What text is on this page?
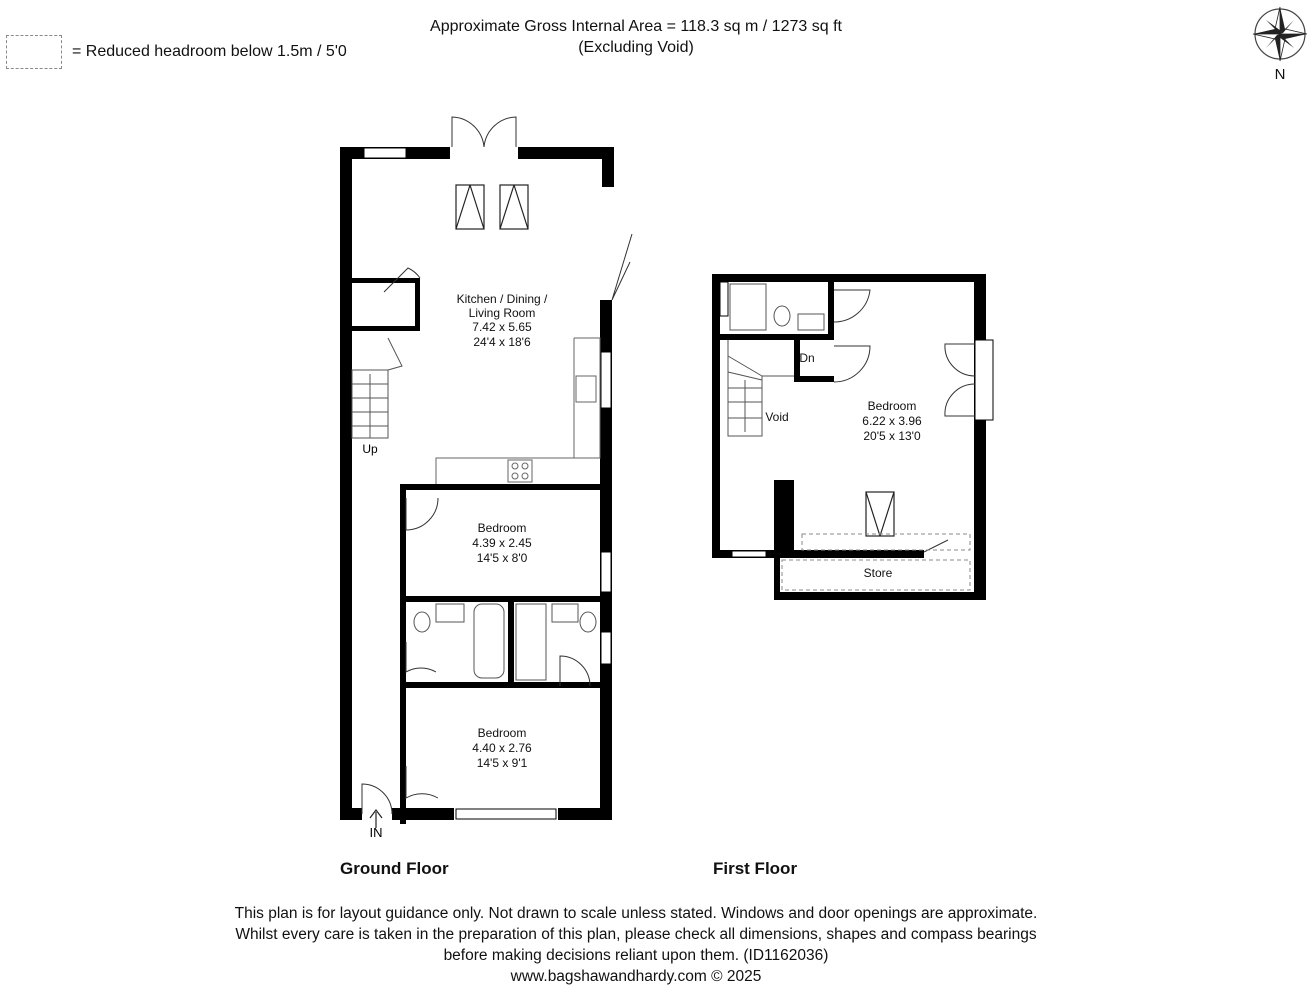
= Reduced headroom below 1.5m / 5'0
Approximate Gross Internal Area = 118.3 sq m / 1273 sq ft
(Excluding Void)
N
Kitchen / Dining /
Living Room
7.42 x 5.65
24'4 x 18'6
Bedroom
4.39 x 2.45
14'5 x 8'0
Bedroom
4.40 x 2.76
14'5 x 9'1
Up
IN
Bedroom
6.22 x 3.96
20'5 x 13'0
Store
Void
Dn
Ground Floor	First Floor
This plan is for layout guidance only. Not drawn to scale unless stated. Windows and door openings are approximate.
Whilst every care is taken in the preparation of this plan, please check all dimensions, shapes and compass bearings
before making decisions reliant upon them. (ID1162036)
www.bagshawandhardy.com © 2025
